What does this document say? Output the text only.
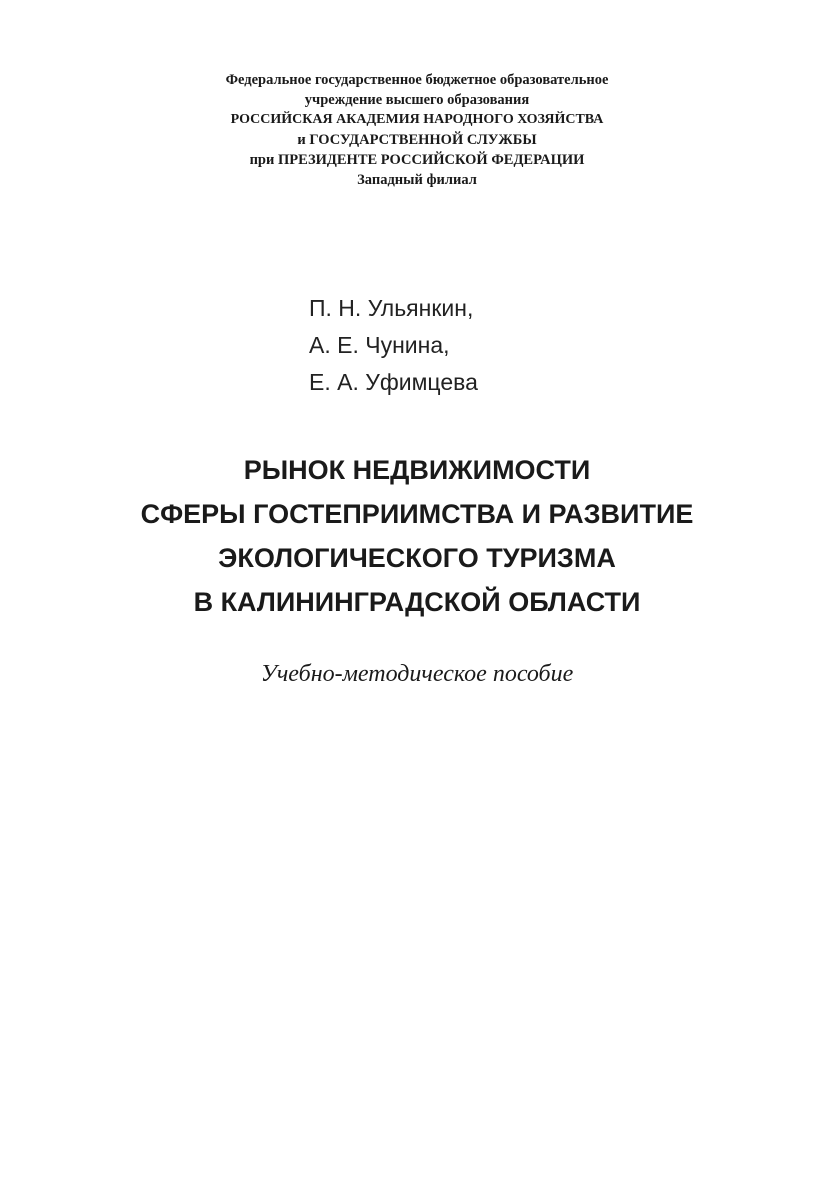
Федеральное государственное бюджетное образовательное
учреждение высшего образования
РОССИЙСКАЯ АКАДЕМИЯ НАРОДНОГО ХОЗЯЙСТВА
и ГОСУДАРСТВЕННОЙ СЛУЖБЫ
при ПРЕЗИДЕНТЕ РОССИЙСКОЙ ФЕДЕРАЦИИ
Западный филиал
П. Н. Ульянкин,
А. Е. Чунина,
Е. А. Уфимцева
РЫНОК НЕДВИЖИМОСТИ
СФЕРЫ ГОСТЕПРИИМСТВА И РАЗВИТИЕ
ЭКОЛОГИЧЕСКОГО ТУРИЗМА
В КАЛИНИНГРАДСКОЙ ОБЛАСТИ
Учебно-методическое пособие
